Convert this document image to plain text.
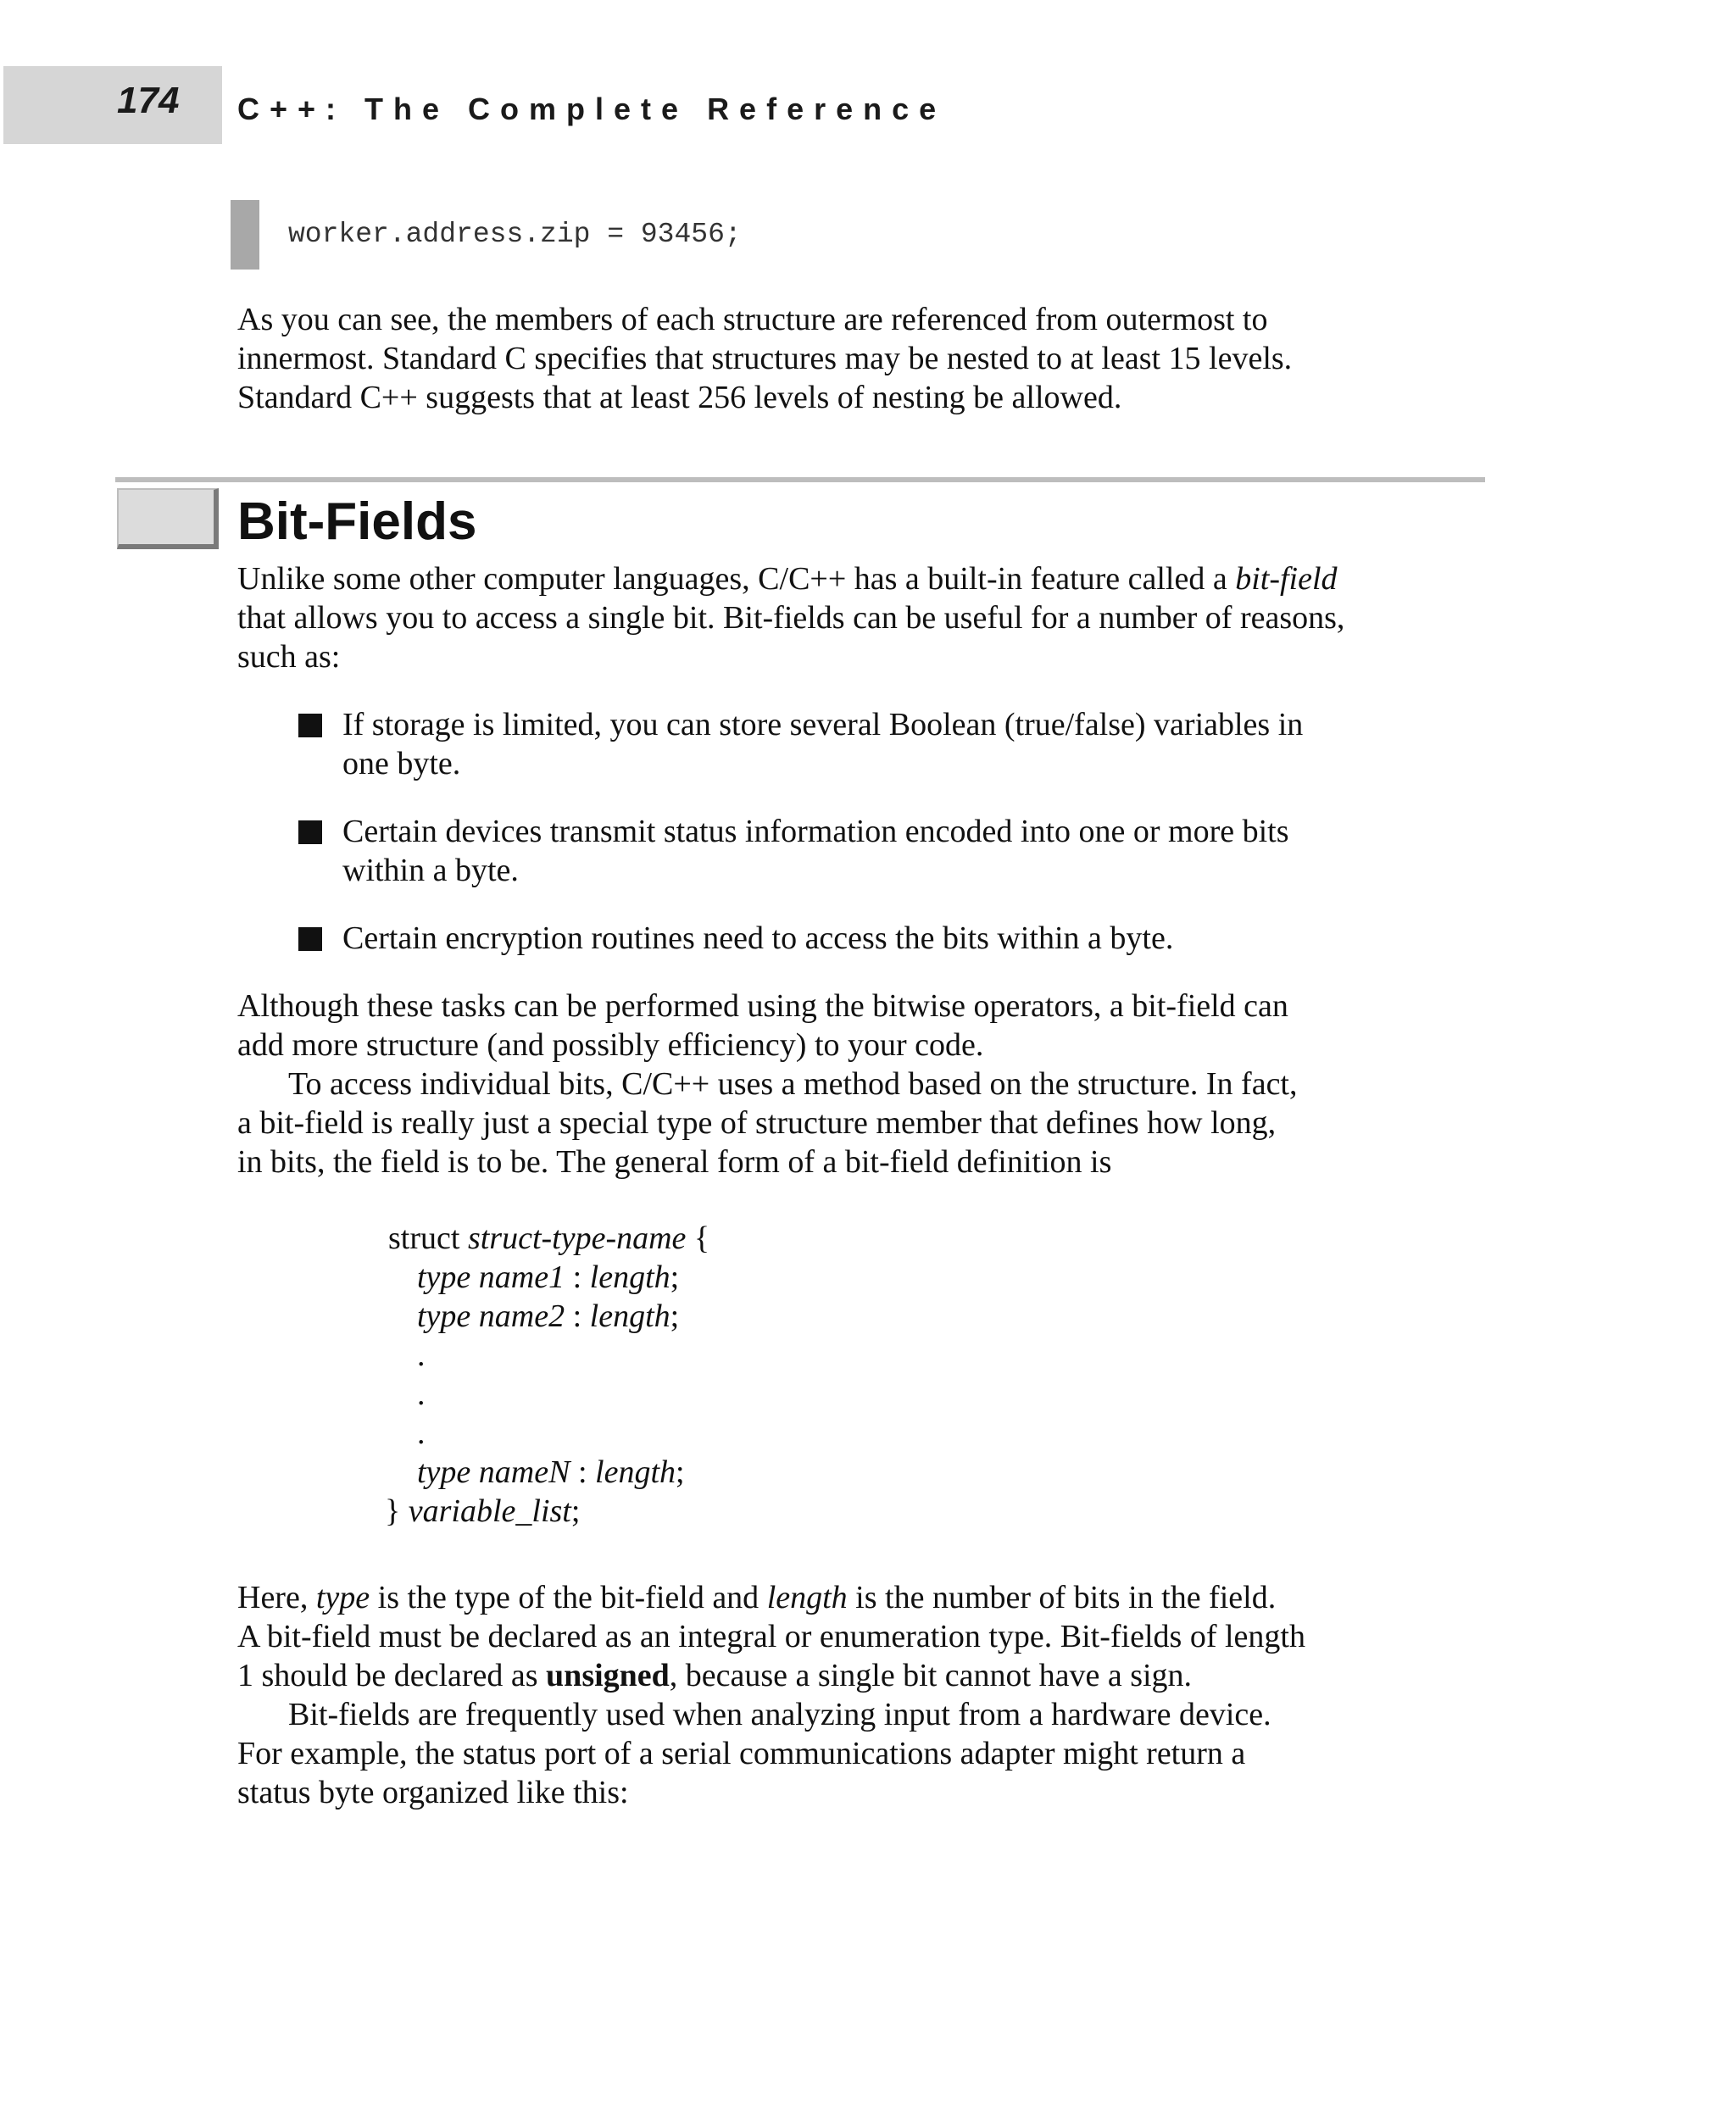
174 C++: The Complete Reference
worker.address.zip = 93456;

As you can see, the members of each structure are referenced from outermost to
innermost. Standard C specifies that structures may be nested to at least 15 levels.
Standard C++ suggests that at least 256 levels of nesting be allowed.

Bit-Fields

Unlike some other computer languages, C/C++ has a built-in feature called a bit-field
that allows you to access a single bit. Bit-fields can be useful for a number of reasons,
such as:

If storage is limited, you can store several Boolean (true/false) variables in
one byte.
Certain devices transmit status information encoded into one or more bits
within a byte.
Certain encryption routines need to access the bits within a byte.

Although these tasks can be performed using the bitwise operators, a bit-field can
add more structure (and possibly efficiency) to your code.

To access individual bits, C/C++ uses a method based on the structure. In fact,
a bit-field is really just a special type of structure member that defines how long,
in bits, the field is to be. The general form of a bit-field definition is

struct struct-type-name {
type name1 : length;
type name2 : length;
.
.
.
type nameN : length;
} variable_list;

Here, type is the type of the bit-field and length is the number of bits in the field.
A bit-field must be declared as an integral or enumeration type. Bit-fields of length
1 should be declared as unsigned, because a single bit cannot have a sign.

Bit-fields are frequently used when analyzing input from a hardware device.
For example, the status port of a serial communications adapter might return a
status byte organized like this:
